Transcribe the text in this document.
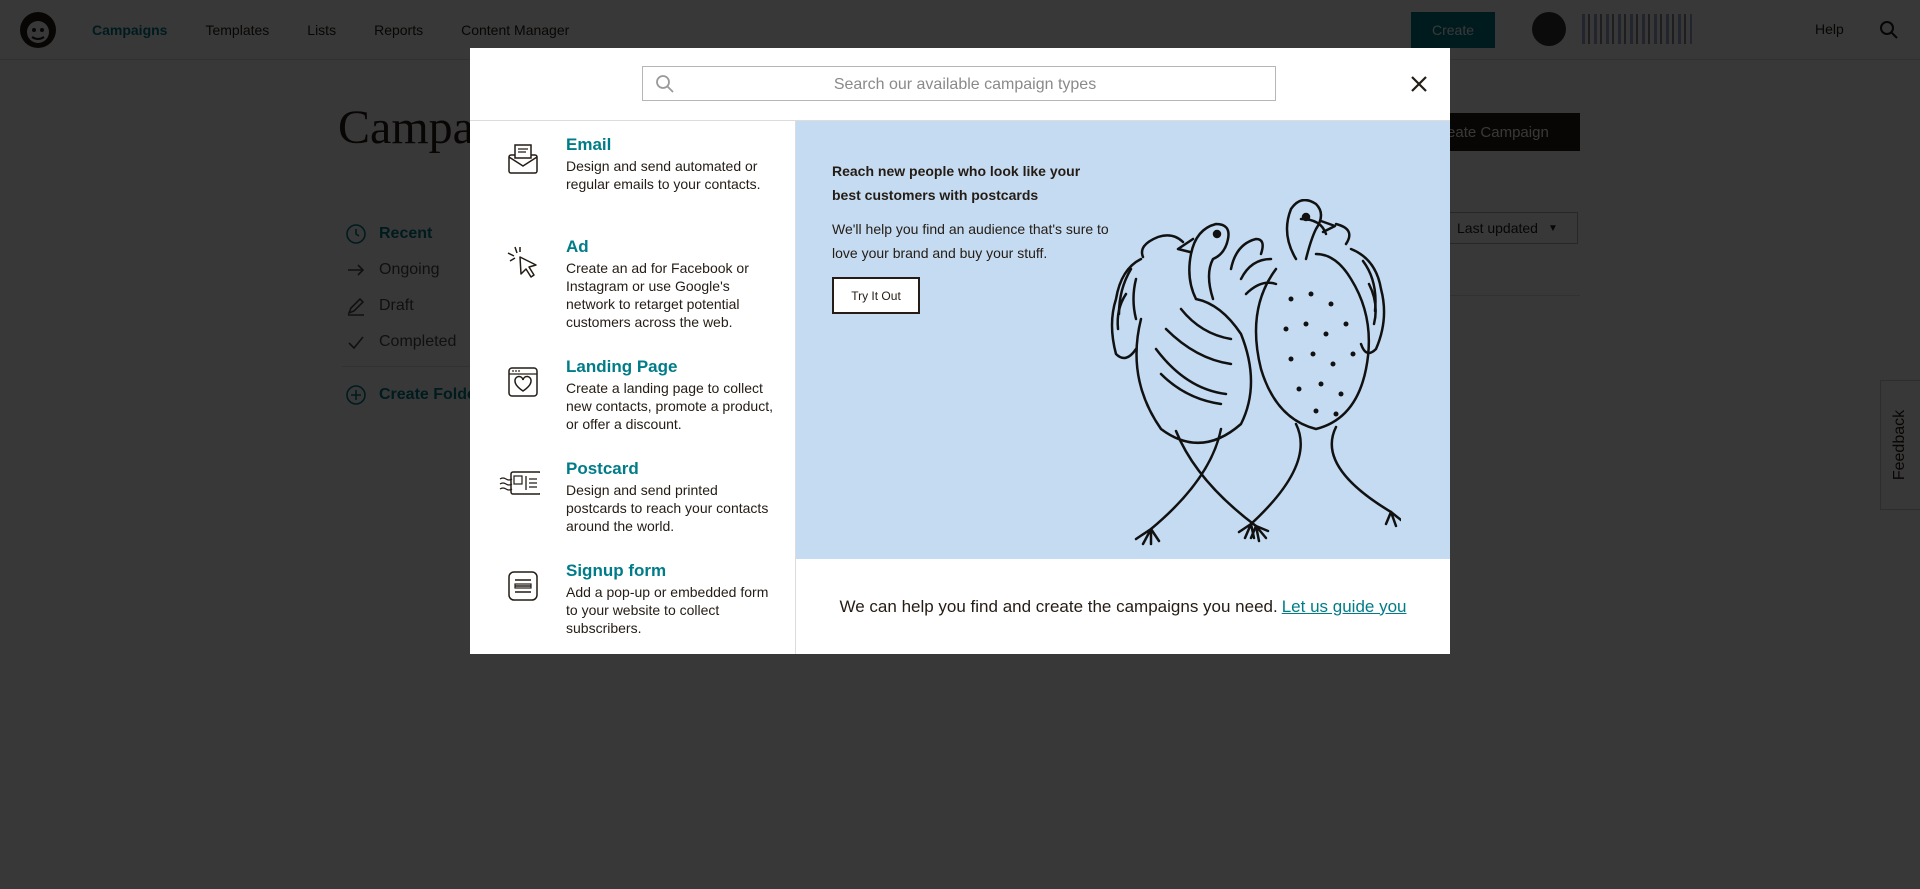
Search our available campaign types
Email
Design and send automated or regular emails to your contacts.
Ad
Create an ad for Facebook or Instagram or use Google's network to retarget potential customers across the web.
Landing Page
Create a landing page to collect new contacts, promote a product, or offer a discount.
Postcard
Design and send printed postcards to reach your contacts around the world.
Signup form
Add a pop-up or embedded form to your website to collect subscribers.
Reach new people who look like your best customers with postcards
We'll help you find an audience that's sure to love your brand and buy your stuff.
Try It Out
We can help you find and create the campaigns you need. Let us guide you
